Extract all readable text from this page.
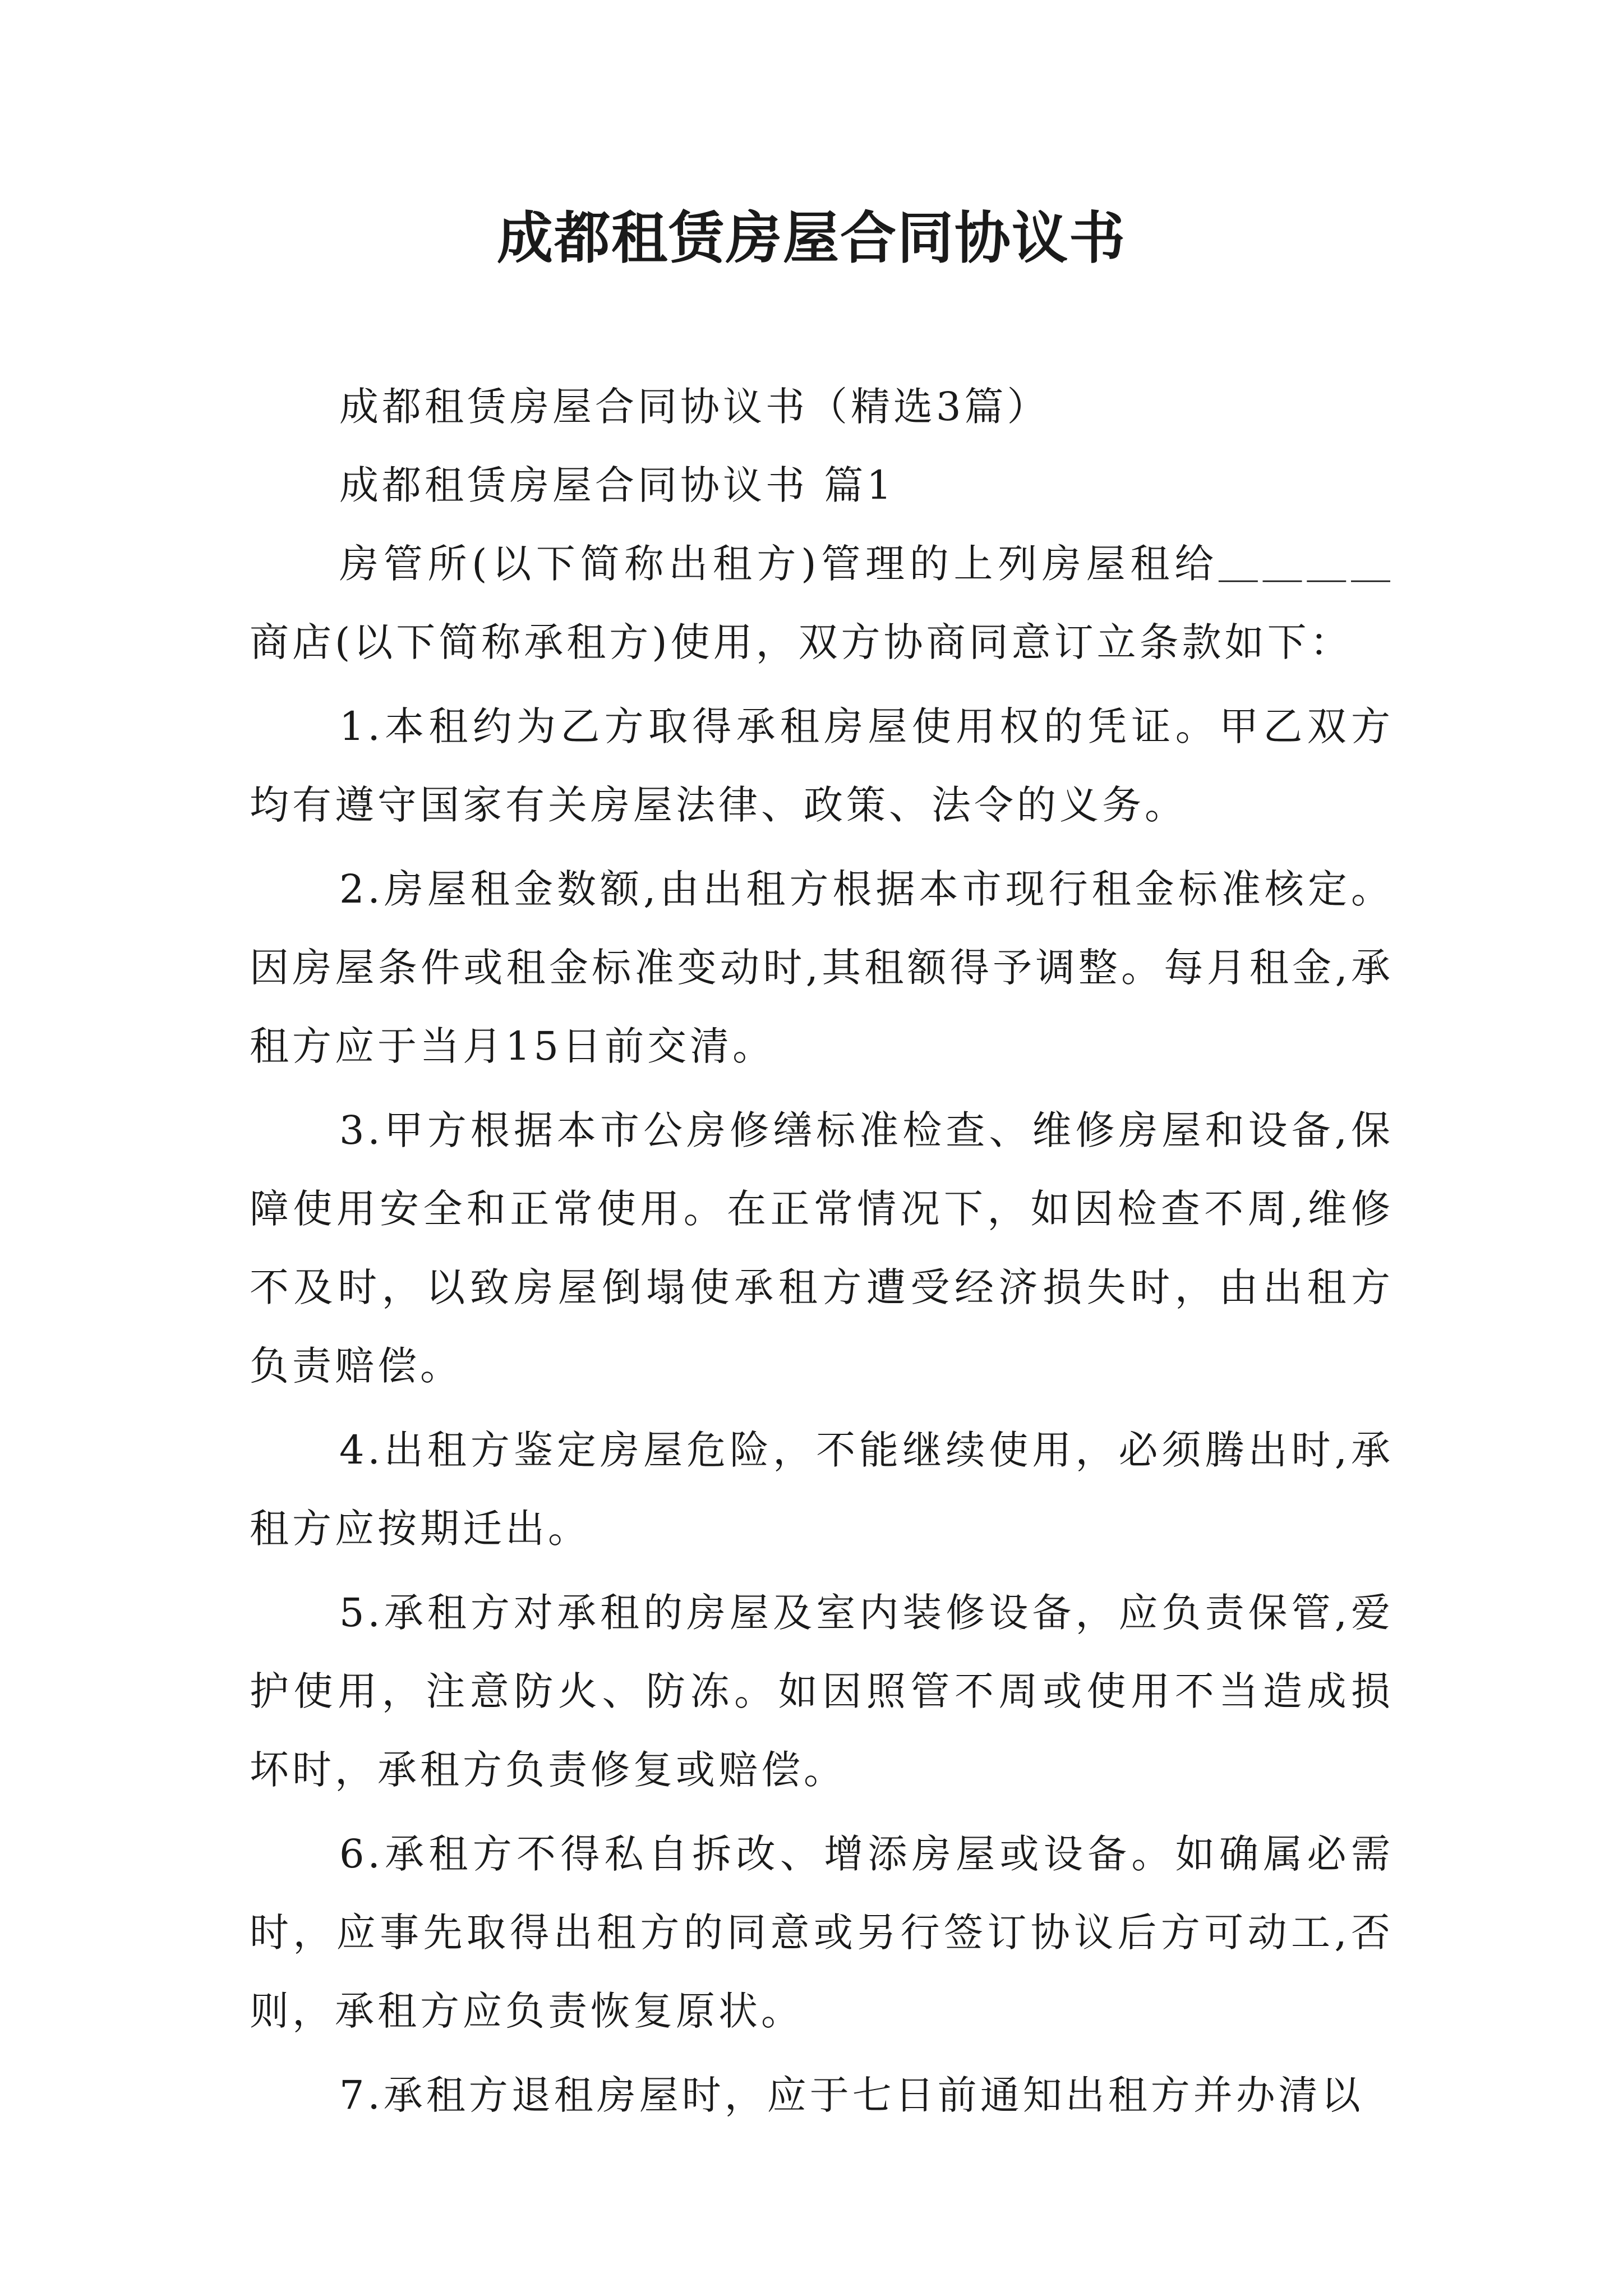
成都租赁房屋合同协议书

成都租赁房屋合同协议书（精选3篇）

成都租赁房屋合同协议书 篇1

房管所(以下简称出租方)管理的上列房屋租给＿＿＿＿商店(以下简称承租方)使用，双方协商同意订立条款如下：

1.本租约为乙方取得承租房屋使用权的凭证。甲乙双方均有遵守国家有关房屋法律、政策、法令的义务。

2.房屋租金数额,由出租方根据本市现行租金标准核定。因房屋条件或租金标准变动时,其租额得予调整。每月租金,承租方应于当月15日前交清。

3.甲方根据本市公房修缮标准检查、维修房屋和设备,保障使用安全和正常使用。在正常情况下，如因检查不周,维修不及时，以致房屋倒塌使承租方遭受经济损失时，由出租方负责赔偿。

4.出租方鉴定房屋危险，不能继续使用，必须腾出时,承租方应按期迁出。

5.承租方对承租的房屋及室内装修设备，应负责保管,爱护使用，注意防火、防冻。如因照管不周或使用不当造成损坏时，承租方负责修复或赔偿。

6.承租方不得私自拆改、增添房屋或设备。如确属必需时，应事先取得出租方的同意或另行签订协议后方可动工,否则，承租方应负责恢复原状。

7.承租方退租房屋时，应于七日前通知出租方并办清以
